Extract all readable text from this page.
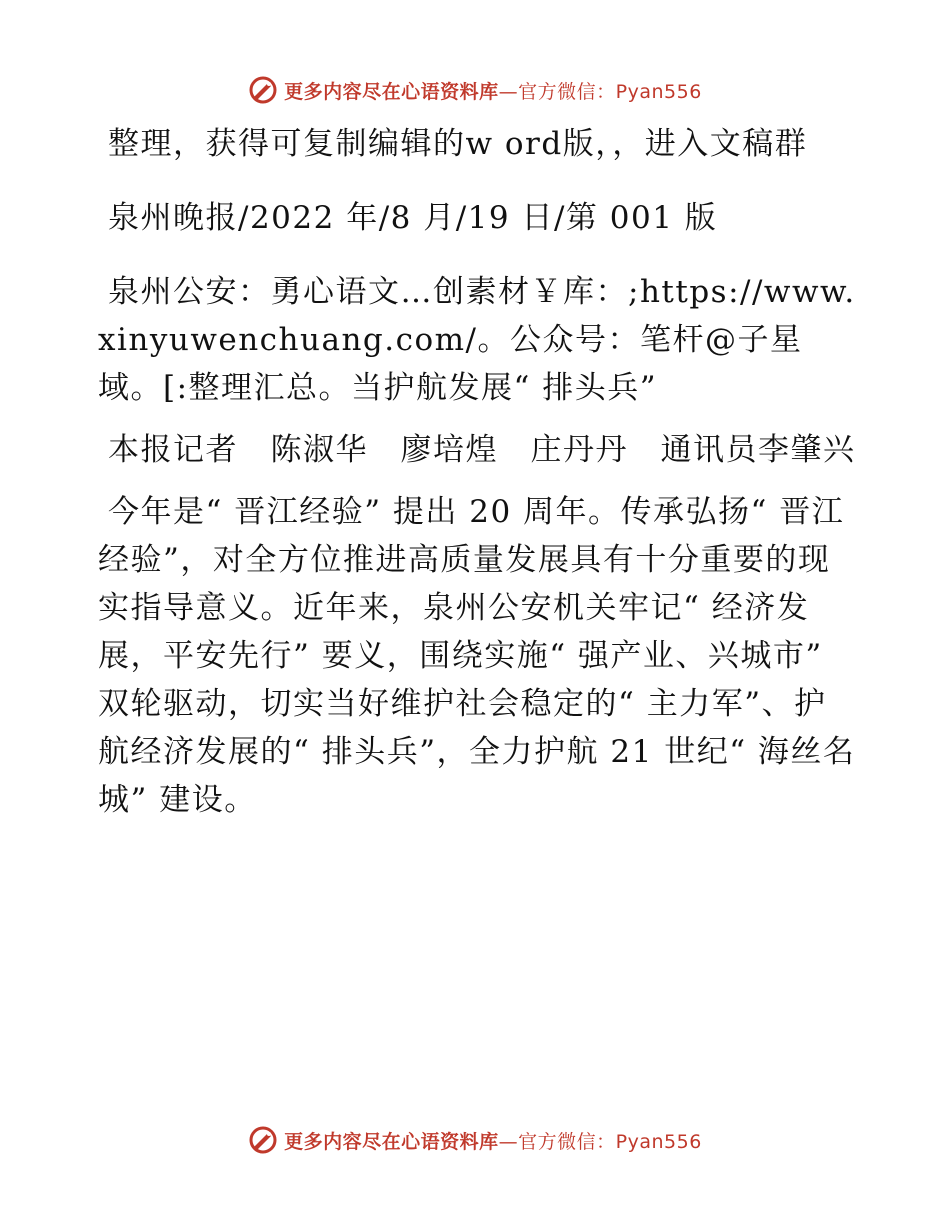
更多内容尽在心语资料库 —官方微信：Pyan556

整理，获得可复制编辑的w ord版，，进入文稿群

泉州晚报/2022 年/8 月/19 日/第 001 版

泉州公安：勇心语文…创素材￥库：;https://www.xinyuwenchuang.com/。公众号：笔杆@子星域。[:整理汇总。当护航发展“ 排头兵”

本报记者　陈淑华　廖培煌　庄丹丹　通讯员李肇兴

今年是“ 晋江经验” 提出 20 周年。传承弘扬“ 晋江经验”，对全方位推进高质量发展具有十分重要的现实指导意义。近年来，泉州公安机关牢记“ 经济发展，平安先行” 要义，围绕实施“ 强产业、兴城市” 双轮驱动，切实当好维护社会稳定的“ 主力军”、护航经济发展的“ 排头兵”，全力护航 21 世纪“ 海丝名城” 建设。

更多内容尽在心语资料库 —官方微信：Pyan556
